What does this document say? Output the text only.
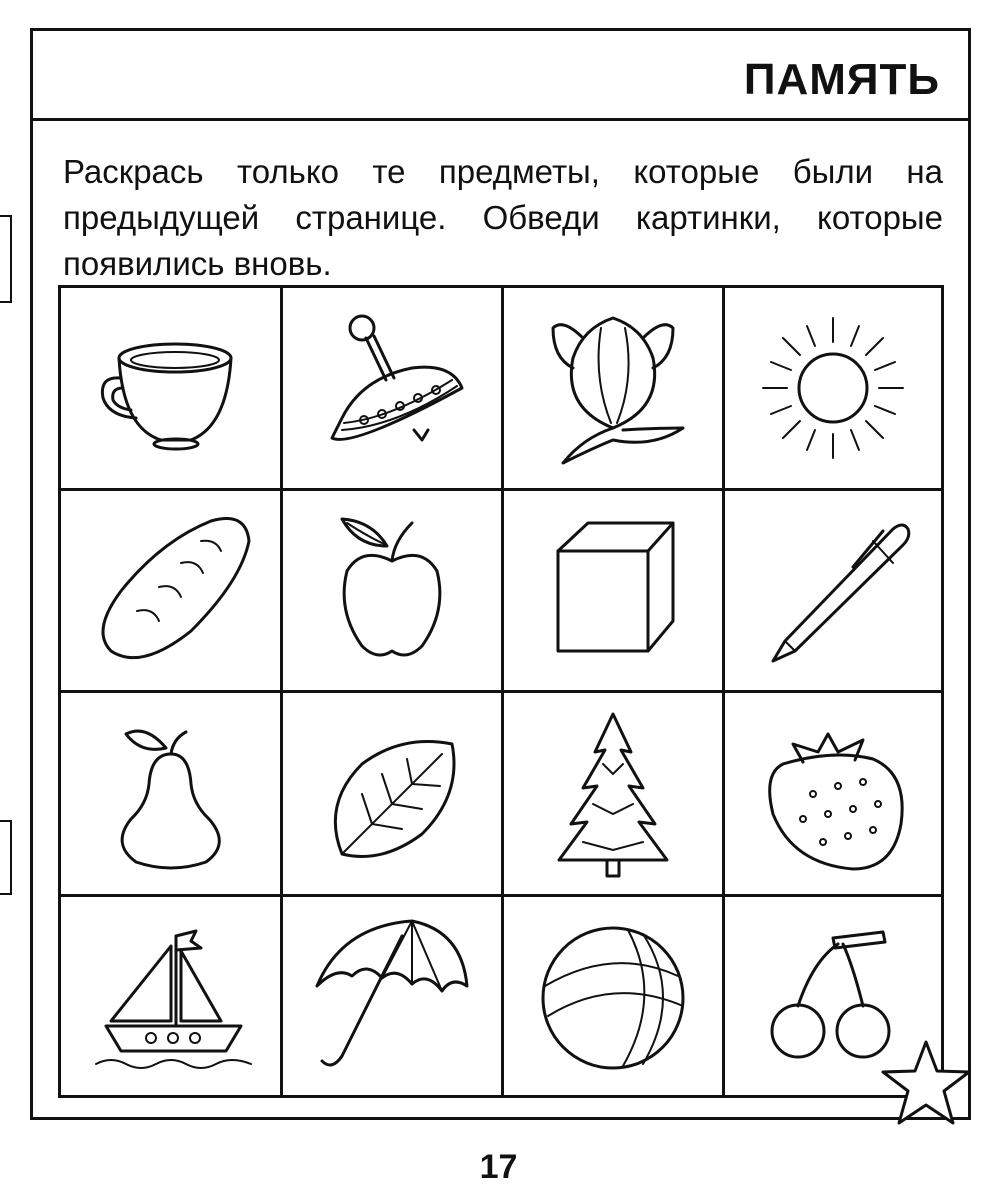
ПАМЯТЬ
Раскрась только те предметы, которые были на предыдущей странице. Обведи картинки, которые появились вновь.
17
